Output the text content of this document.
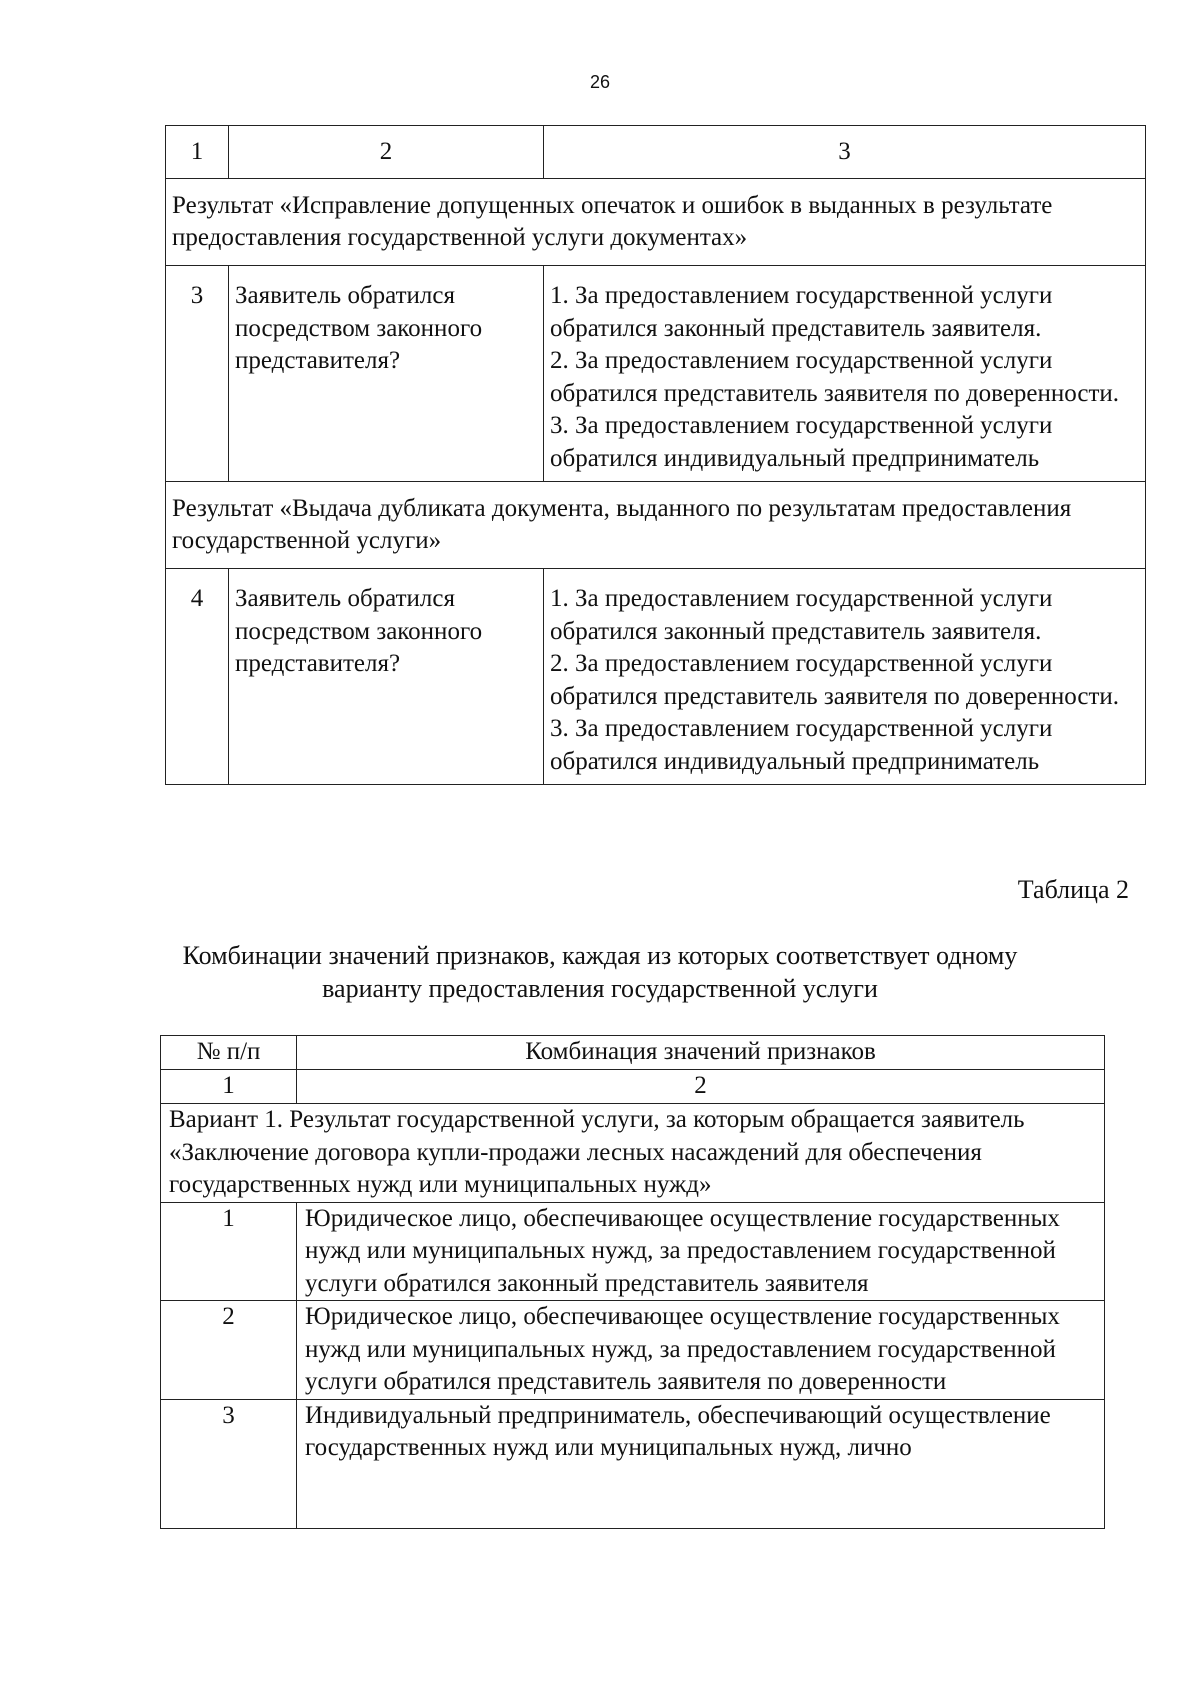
26
1	2	3
Результат «Исправление допущенных опечаток и ошибок в выданных в результате предоставления государственной услуги документах»		
3	Заявитель обратился посредством законного представителя?	1. За предоставлением государственной услуги обратился законный представитель заявителя.
2. За предоставлением государственной услуги обратился представитель заявителя по доверенности.
3. За предоставлением государственной услуги обратился индивидуальный предприниматель

Результат «Выдача дубликата документа, выданного по результатам предоставления государственной услуги»		
4	Заявитель обратился посредством законного представителя?	1. За предоставлением государственной услуги обратился законный представитель заявителя.
2. За предоставлением государственной услуги обратился представитель заявителя по доверенности.
3. За предоставлением государственной услуги обратился индивидуальный предприниматель
Таблица 2
Комбинации значений признаков, каждая из которых соответствует одному варианту предоставления государственной услуги
№ п/п	Комбинация значений признаков
1	2
Вариант 1. Результат государственной услуги, за которым обращается заявитель «Заключение договора купли-продажи лесных насаждений для обеспечения государственных нужд или муниципальных нужд»	
1	Юридическое лицо, обеспечивающее осуществление государственных нужд или муниципальных нужд, за предоставлением государственной услуги обратился законный представитель заявителя
2	Юридическое лицо, обеспечивающее осуществление государственных нужд или муниципальных нужд, за предоставлением государственной услуги обратился представитель заявителя по доверенности
3	Индивидуальный предприниматель, обеспечивающий осуществление государственных нужд или муниципальных нужд, лично
